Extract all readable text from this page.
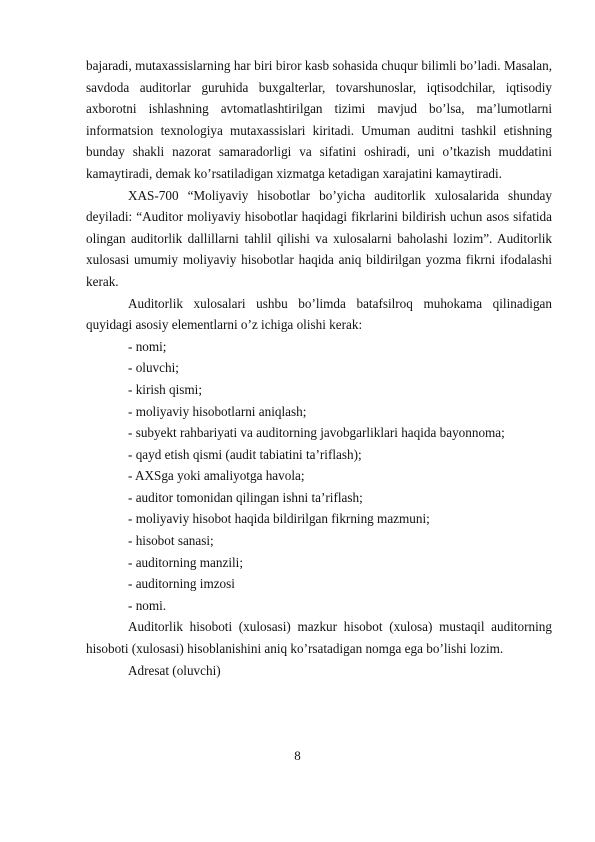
bajaradi, mutaxassislarning har biri biror kasb sohasida chuqur bilimli bo’ladi. Masalan, savdoda auditorlar guruhida buxgalterlar, tovarshunoslar, iqtisodchilar, iqtisodiy axborotni ishlashning avtomatlashtirilgan tizimi mavjud bo’lsa, ma’lumotlarni informatsion texnologiya mutaxassislari kiritadi. Umuman auditni tashkil etishning bunday shakli nazorat samaradorligi va sifatini oshiradi, uni o’tkazish muddatini kamaytiradi, demak ko’rsatiladigan xizmatga ketadigan xarajatini kamaytiradi.

XAS-700 “Moliyaviy hisobotlar bo’yicha auditorlik xulosalarida shunday deyiladi: “Auditor moliyaviy hisobotlar haqidagi fikrlarini bildirish uchun asos sifatida olingan auditorlik dallillarni tahlil qilishi va xulosalarni baholashi lozim”. Auditorlik xulosasi umumiy moliyaviy hisobotlar haqida aniq bildirilgan yozma fikrni ifodalashi kerak.

Auditorlik xulosalari ushbu bo’limda batafsilroq muhokama qilinadigan quyidagi asosiy elementlarni o’z ichiga olishi kerak:

- nomi;
- oluvchi;
- kirish qismi;
- moliyaviy hisobotlarni aniqlash;
- subyekt rahbariyati va auditorning javobgarliklari haqida bayonnoma;
- qayd etish qismi (audit tabiatini ta’riflash);
- AXSga yoki amaliyotga havola;
- auditor tomonidan qilingan ishni ta’riflash;
- moliyaviy hisobot haqida bildirilgan fikrning mazmuni;
- hisobot sanasi;
- auditorning manzili;
- auditorning imzosi
- nomi.

Auditorlik hisoboti (xulosasi) mazkur hisobot (xulosa) mustaqil auditorning hisoboti (xulosasi) hisoblanishini aniq ko’rsatadigan nomga ega bo’lishi lozim.

Adresat (oluvchi)

8
